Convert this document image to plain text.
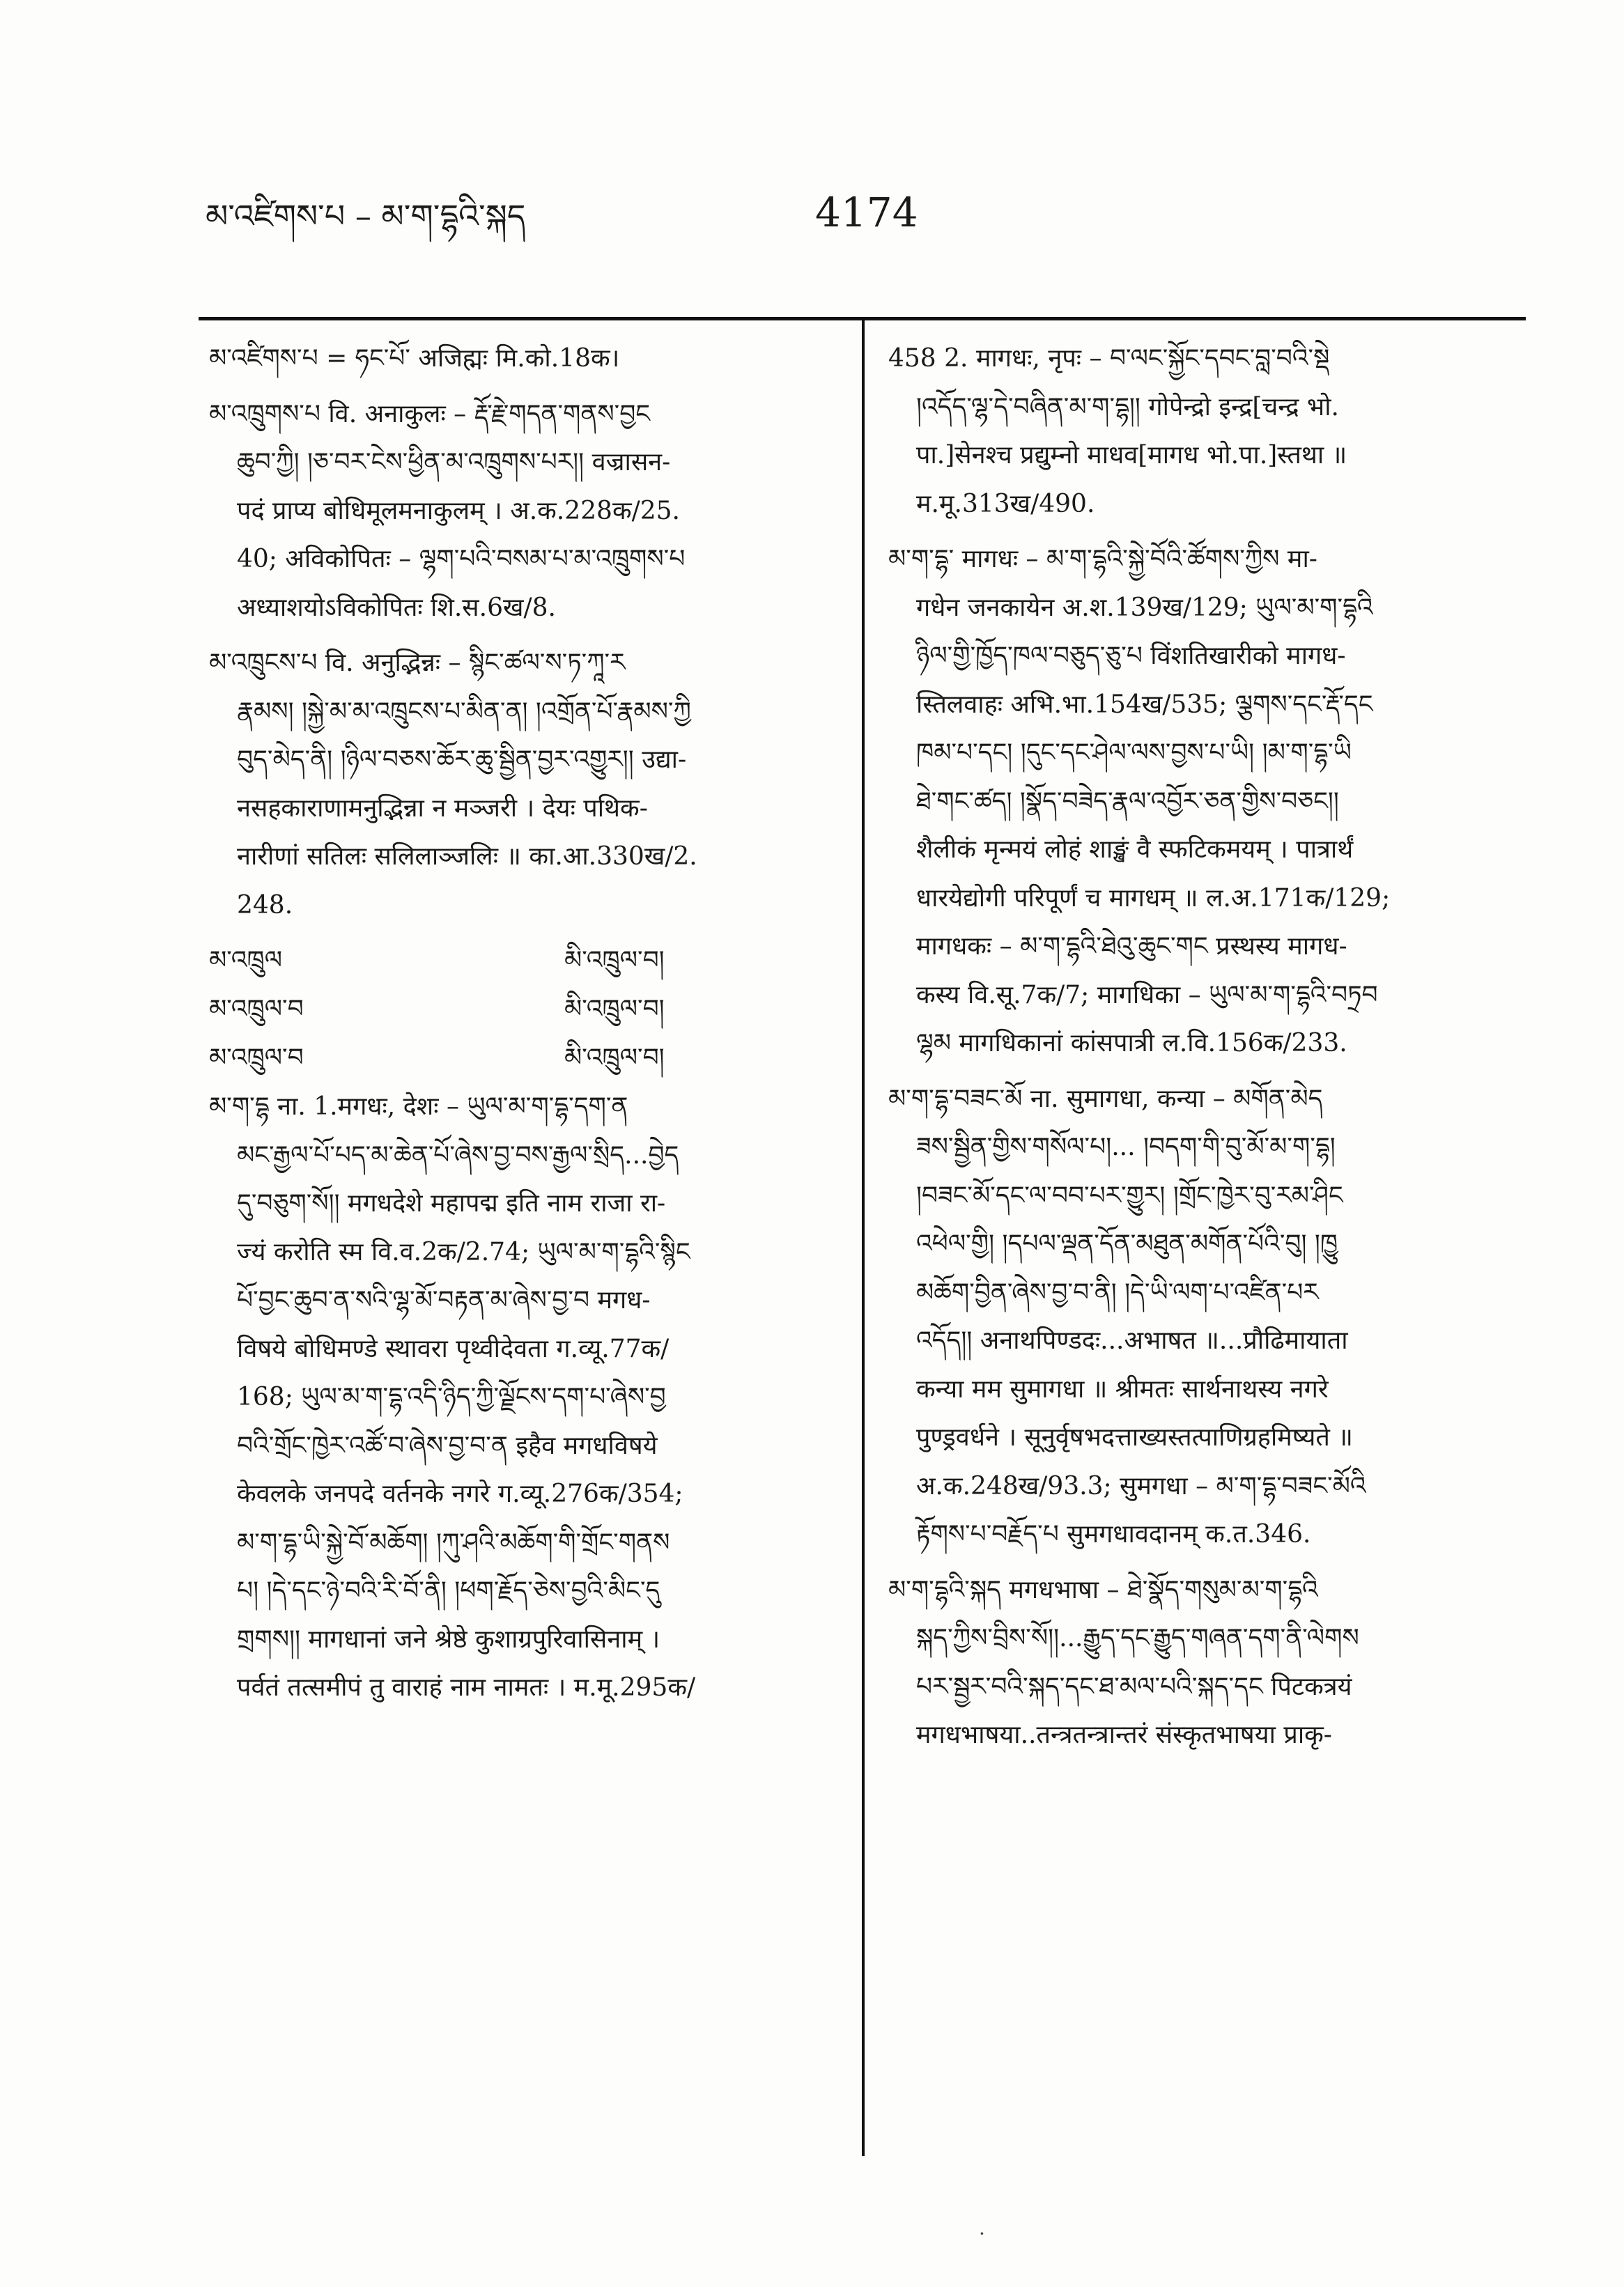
མ་འཛིགས་པ – མ་ག་དྷའི་སྐད	4174
མ་འཛིགས་པ = ཧང་པོ་ अजिह्मः मि.को.18क।
མ་འཁྲུགས་པ वि. अनाकुलः – རྡོ་རྗེ་གདན་གནས་བྱང
ཆུབ་ཀྱི། །ཅ་བར་ངེས་ཕྱིན་མ་འཁྲུགས་པར།། वज्रासन-
पदं प्राप्य बोधिमूलमनाकुलम् । अ.क.228क/25.
40; अविकोपितः – ལྷག་པའི་བསམ་པ་མ་འཁྲུགས་པ
अध्याशयोऽविकोपितः शि.स.6ख/8.
མ་འཁྲུངས་པ वि. अनुद्भिन्नः – སྙིང་ཚལ་ས་ཏ་ཀཱ་ར
རྣམས། །སྐྱེ་མ་མ་འཁྲུངས་པ་མིན་ན། །འགྲོན་པོ་རྣམས་ཀྱི
བུད་མེད་ནི། །ཉིལ་བཅས་ཆོར་ཆུ་སྦྱིན་བྱར་འགྱུར།། उद्या-
नसहकाराणामनुद्भिन्ना न मञ्जरी । देयः पथिक-
नारीणां सतिलः सलिलाञ्जलिः ॥ का.आ.330ख/2.
248.
མ་འཁྲུལ	མི་འཁྲུལ་བ།
མ་འཁྲུལ་བ	མི་འཁྲུལ་བ།
མ་འཁྲུལ་བ	མི་འཁྲུལ་བ།
མ་ག་དྷ ना. 1.मगधः, देशः – ཡུལ་མ་ག་དྷ་དག་ན
མང་རྒྱལ་པོ་པད་མ་ཆེན་པོ་ཞེས་བྱ་བས་རྒྱལ་སྲིད...བྱེད
དུ་བཅུག་སོ།། मगधदेशे महापद्म इति नाम राजा रा-
ज्यं करोति स्म वि.व.2क/2.74; ཡུལ་མ་ག་དྷའི་སྙིང
པོ་བྱང་ཆུབ་ན་སའི་ལྷ་མོ་བརྟན་མ་ཞེས་བྱ་བ मगध-
विषये बोधिमण्डे स्थावरा पृथ्वीदेवता ग.व्यू.77क/
168; ཡུལ་མ་ག་དྷ་འདི་ཉིད་ཀྱི་ལྗོངས་དག་པ་ཞེས་བྱ
བའི་གྲོང་ཁྱེར་འཚོ་བ་ཞེས་བྱ་བ་ན इहैव मगधविषये
केवलके जनपदे वर्तनके नगरे ग.व्यू.276क/354;
མ་ག་དྷ་ཡི་སྐྱེ་བོ་མཆོག། །ཀུ་ཤའི་མཆོག་གི་གྲོང་གནས
པ། །དེ་དང་ཉེ་བའི་རི་བོ་ནི། །ཕག་རྗོད་ཅེས་བྱའི་མིང་དུ
གྲགས།། मागधानां जने श्रेष्ठे कुशाग्रपुरिवासिनाम् ।
पर्वतं तत्समीपं तु वाराहं नाम नामतः । म.मू.295क/
458 2. मागधः, नृपः – བ་ལང་སྐྱོང་དབང་བླ་བའི་སྡེ
།འདོད་ལྷ་དེ་བཞིན་མ་ག་དྷ།། गोपेन्द्रो इन्द्र[चन्द्र भो.
पा.]सेनश्च प्रद्युम्नो माधव[मागध भो.पा.]स्तथा ॥
म.मू.313ख/490.
མ་ག་དྷ་ मागधः – མ་ག་དྷའི་སྐྱེ་བོའི་ཚོགས་ཀྱིས मा-
गधेन जनकायेन अ.श.139ख/129; ཡུལ་མ་ག་དྷའི
ཉིལ་གྱི་ཁྱོད་ཁལ་བཅུད་ཅུ་པ विंशतिखारीको मागध-
स्तिलवाहः अभि.भा.154ख/535; ལྕགས་དང་རྡོ་དང
ཁམ་པ་དང། །དུང་དང་ཤེལ་ལས་བྱས་པ་ཡི། །མ་ག་དྷ་ཡི
ཐེ་གང་ཚད། །སྣོད་བཟེད་རྣལ་འབྱོར་ཅན་གྱིས་བཅང།།
शैलीकं मृन्मयं लोहं शाङ्खं वै स्फटिकमयम् । पात्रार्थं
धारयेद्योगी परिपूर्णं च मागधम् ॥ ल.अ.171क/129;
मागधकः – མ་ག་དྷའི་ཐེའུ་ཆུང་གང प्रस्थस्य मागध-
कस्य वि.सू.7क/7; मागधिका – ཡུལ་མ་ག་དྷའི་བཏྲབ
ལྷམ मागधिकानां कांसपात्री ल.वि.156क/233.
མ་ག་དྷ་བཟང་མོ ना. सुमागधा, कन्या – མགོན་མེད
ཟས་སྦྱིན་གྱིས་གསོལ་པ།... །བདག་གི་བུ་མོ་མ་ག་དྷ།
།བཟང་མོ་དང་ལ་བབ་པར་གྱུར། །གྲོང་ཁྱེར་བུ་རམ་ཤིང
འཕེལ་གྱི། །དཔལ་ལྡན་དོན་མཐུན་མགོན་པོའི་བུ། །ཁྱུ
མཆོག་བྱིན་ཞེས་བྱ་བ་ནི། །དེ་ཡི་ལག་པ་འཛིན་པར
འདོད།། अनाथपिण्डदः...अभाषत ॥...प्रौढिमायाता
कन्या मम सुमागधा ॥ श्रीमतः सार्थनाथस्य नगरे
पुण्ड्रवर्धने । सूनुर्वृषभदत्ताख्यस्तत्पाणिग्रहमिष्यते ॥
अ.क.248ख/93.3; सुमगधा – མ་ག་དྷ་བཟང་མོའི
རྟོགས་པ་བརྗོད་པ सुमगधावदानम् क.त.346.
མ་ག་དྷའི་སྐད मगधभाषा – ཐེ་སྣོད་གསུམ་མ་ག་དྷའི
སྐད་ཀྱིས་བྲིས་སོ།།...རྒྱུད་དང་རྒྱུད་གཞན་དག་ནི་ལེགས
པར་སྦྱར་བའི་སྐད་དང་ཐ་མལ་པའི་སྐད་དང पिटकत्रयं
मगधभाषया..तन्त्रतन्त्रान्तरं संस्कृतभाषया प्राकृ-
·
